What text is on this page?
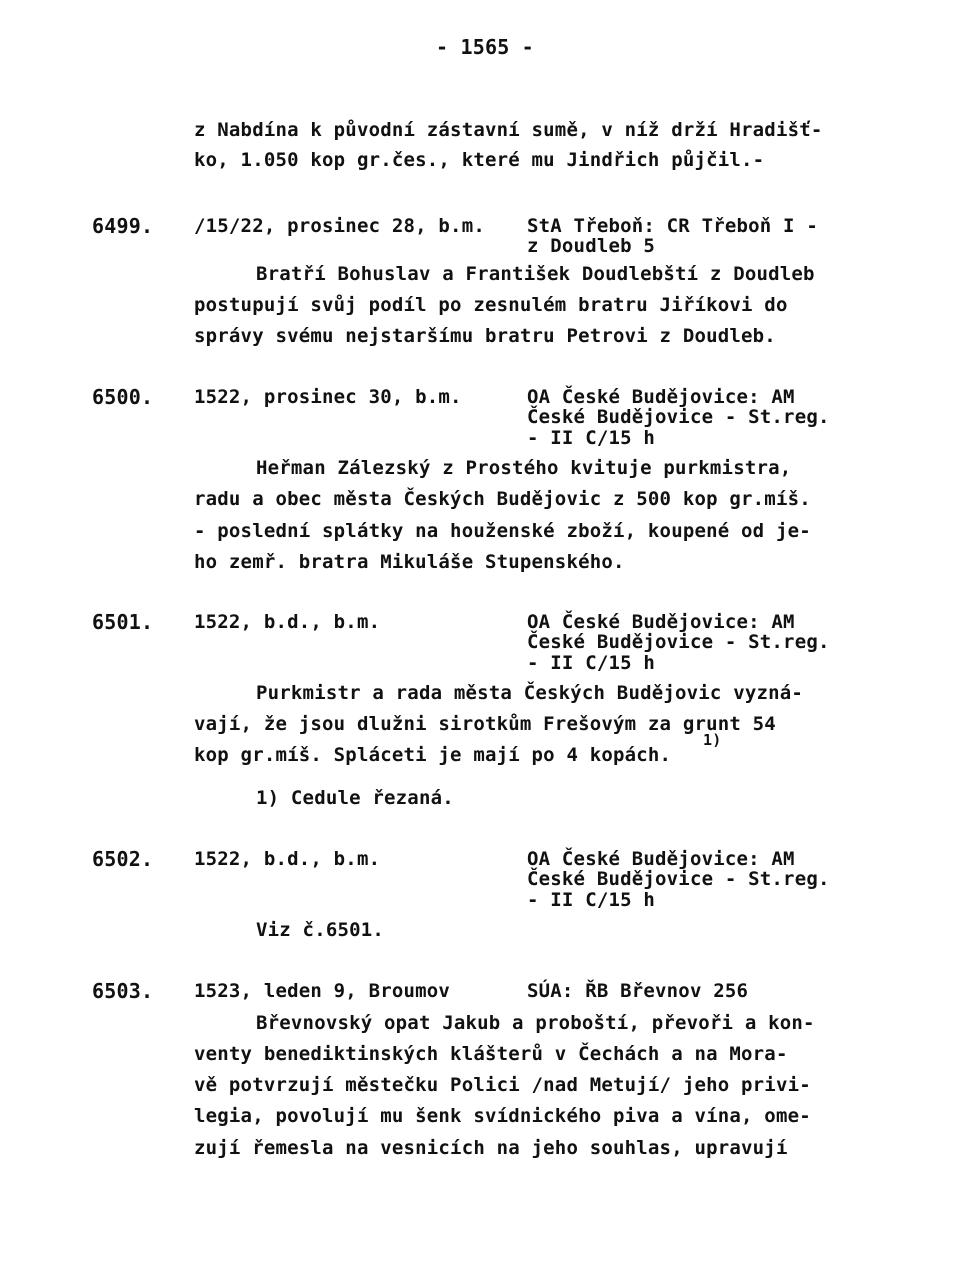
- 1565 -
z Nabdína k původní zástavní sumě, v níž drží Hradišť-
ko, 1.050 kop gr.čes., které mu Jindřich půjčil.-
6499. /15/22, prosinec 28, b.m. StA Třeboň: CR Třeboň I -
z Doudleb 5
Bratří Bohuslav a František Doudlebští z Doudleb
postupují svůj podíl po zesnulém bratru Jiříkovi do
správy svému nejstaršímu bratru Petrovi z Doudleb.
6500. 1522, prosinec 30, b.m.	OA České Budějovice: AM
České Budějovice - St.reg.
- II C/15 h
Heřman Zálezský z Prostého kvituje purkmistra,
radu a obec města Českých Budějovic z 500 kop gr.míš.
- poslední splátky na houženské zboží, koupené od je-
ho zemř. bratra Mikuláše Stupenského.
6501. 1522, b.d., b.m.	OA České Budějovice: AM
České Budějovice - St.reg.
- II C/15 h
Purkmistr a rada města Českých Budějovic vyzná-
vají, že jsou dlužni sirotkům Frešovým za grunt 54
kop gr.míš. Spláceti je mají po 4 kopách.
1)
1) Cedule řezaná.
6502. 1522, b.d., b.m.	OA České Budějovice: AM
České Budějovice - St.reg.
- II C/15 h
Viz č.6501.
6503. 1523, leden 9, Broumov	SÚA: ŘB Břevnov 256
Břevnovský opat Jakub a proboští, převoři a kon-
venty benediktinských klášterů v Čechách a na Mora-
vě potvrzují městečku Polici /nad Metují/ jeho privi-
legia, povolují mu šenk svídnického piva a vína, ome-
zují řemesla na vesnicích na jeho souhlas, upravují
